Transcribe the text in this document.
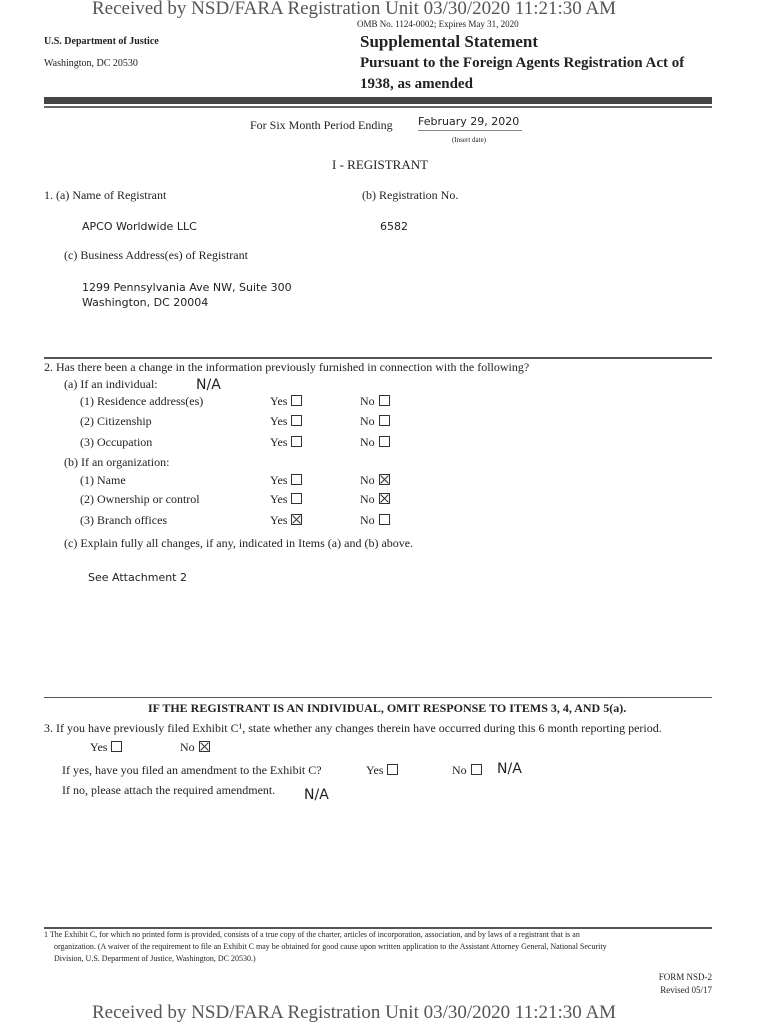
Received by NSD/FARA Registration Unit 03/30/2020 11:21:30 AM
OMB No. 1124-0002; Expires May 31, 2020
U.S. Department of Justice
Washington, DC 20530
Supplemental Statement
Pursuant to the Foreign Agents Registration Act of
1938, as amended
For Six Month Period Ending February 29, 2020
(Insert date)
I - REGISTRANT
1. (a) Name of Registrant	(b) Registration No.
APCO Worldwide LLC	6582
(c) Business Address(es) of Registrant
1299 Pennsylvania Ave NW, Suite 300
Washington, DC 20004
2. Has there been a change in the information previously furnished in connection with the following?
(a) If an individual:	N/A
(b) If an organization:
(1) Residence address(es)	Yes	No
(2) Citizenship	Yes	No
(3) Occupation	Yes	No
(1) Name	Yes	No
(2) Ownership or control	Yes	No
(3) Branch offices	Yes	No
(c) Explain fully all changes, if any, indicated in Items (a) and (b) above.
See Attachment 2
IF THE REGISTRANT IS AN INDIVIDUAL, OMIT RESPONSE TO ITEMS 3, 4, AND 5(a).
3. If you have previously filed Exhibit C¹, state whether any changes therein have occurred during this 6 month reporting period.
Yes	No
If yes, have you filed an amendment to the Exhibit C?	Yes	No	N/A
If no, please attach the required amendment. N/A
1 The Exhibit C, for which no printed form is provided, consists of a true copy of the charter, articles of incorporation, association, and by laws of a registrant that is an
organization. (A waiver of the requirement to file an Exhibit C may be obtained for good cause upon written application to the Assistant Attorney General, National Security
Division, U.S. Department of Justice, Washington, DC 20530.)
FORM NSD-2
Revised 05/17
Received by NSD/FARA Registration Unit 03/30/2020 11:21:30 AM
